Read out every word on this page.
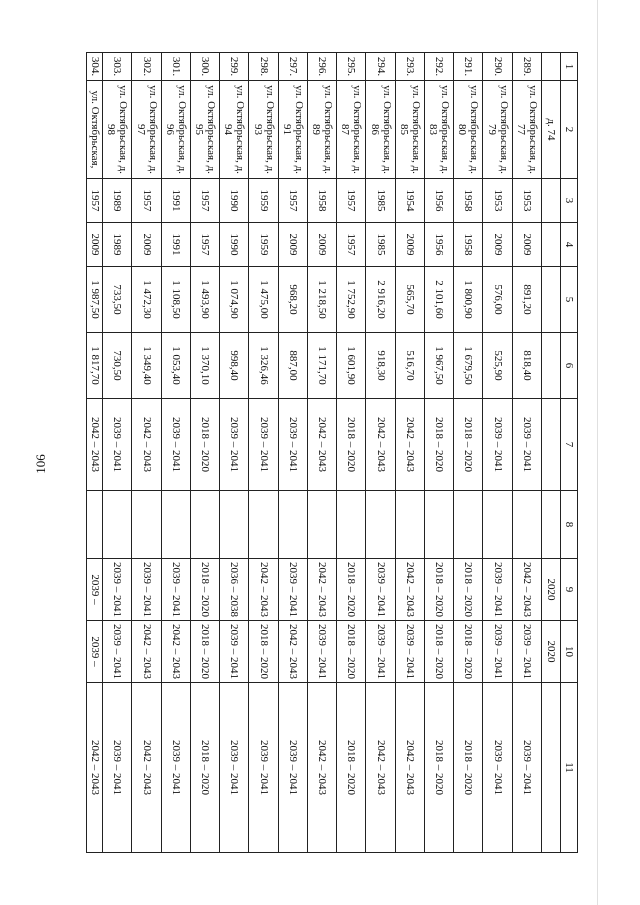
106
1	2	3	4	5	6	7	8	9	10	11
	д. 74							2020	2020	
289.	ул. Октябрьская, д. 77	1953	2009	891,20	818,40	2039 – 2041		2042 – 2043	2039 – 2041	2039 – 2041
290.	ул. Октябрьская, д. 79	1953	2009	576,00	525,90	2039 – 2041		2039 – 2041	2039 – 2041	2039 – 2041
291.	ул. Октябрьская, д. 80	1958	1958	1 800,90	1 679,50	2018 – 2020		2018 – 2020	2018 – 2020	2018 – 2020
292.	ул. Октябрьская, д. 83	1956	1956	2 101,60	1 967,50	2018 – 2020		2018 – 2020	2018 – 2020	2018 – 2020
293.	ул. Октябрьская, д. 85	1954	2009	565,70	516,70	2042 – 2043		2042 – 2043	2039 – 2041	2042 – 2043
294.	ул. Октябрьская, д. 86	1985	1985	2 916,20	918,30	2042 – 2043		2039 – 2041	2039 – 2041	2042 – 2043
295.	ул. Октябрьская, д. 87	1957	1957	1 752,90	1 601,90	2018 – 2020		2018 – 2020	2018 – 2020	2018 – 2020
296.	ул. Октябрьская, д. 89	1958	2009	1 218,50	1 171,70	2042 – 2043		2042 – 2043	2039 – 2041	2042 – 2043
297.	ул. Октябрьская, д. 91	1957	2009	968,20	887,00	2039 – 2041		2039 – 2041	2042 – 2043	2039 – 2041
298.	ул. Октябрьская, д. 93	1959	1959	1 475,00	1 326,46	2039 – 2041		2042 – 2043	2018 – 2020	2039 – 2041
299.	ул. Октябрьская, д. 94	1990	1990	1 074,90	998,40	2039 – 2041		2036 – 2038	2039 – 2041	2039 – 2041
300.	ул. Октябрьская, д. 95	1957	1957	1 493,90	1 370,10	2018 – 2020		2018 – 2020	2018 – 2020	2018 – 2020
301.	ул. Октябрьская, д. 96	1991	1991	1 108,50	1 053,40	2039 – 2041		2039 – 2041	2042 – 2043	2039 – 2041
302.	ул. Октябрьская, д. 97	1957	2009	1 472,30	1 349,40	2042 – 2043		2039 – 2041	2042 – 2043	2042 – 2043
303.	ул. Октябрьская, д. 98	1989	1989	733,50	730,50	2039 – 2041		2039 – 2041	2039 – 2041	2039 – 2041
304.	ул. Октябрьская,	1957	2009	1 987,50	1 817,70	2042 – 2043		2039 –	2039 –	2042 – 2043
